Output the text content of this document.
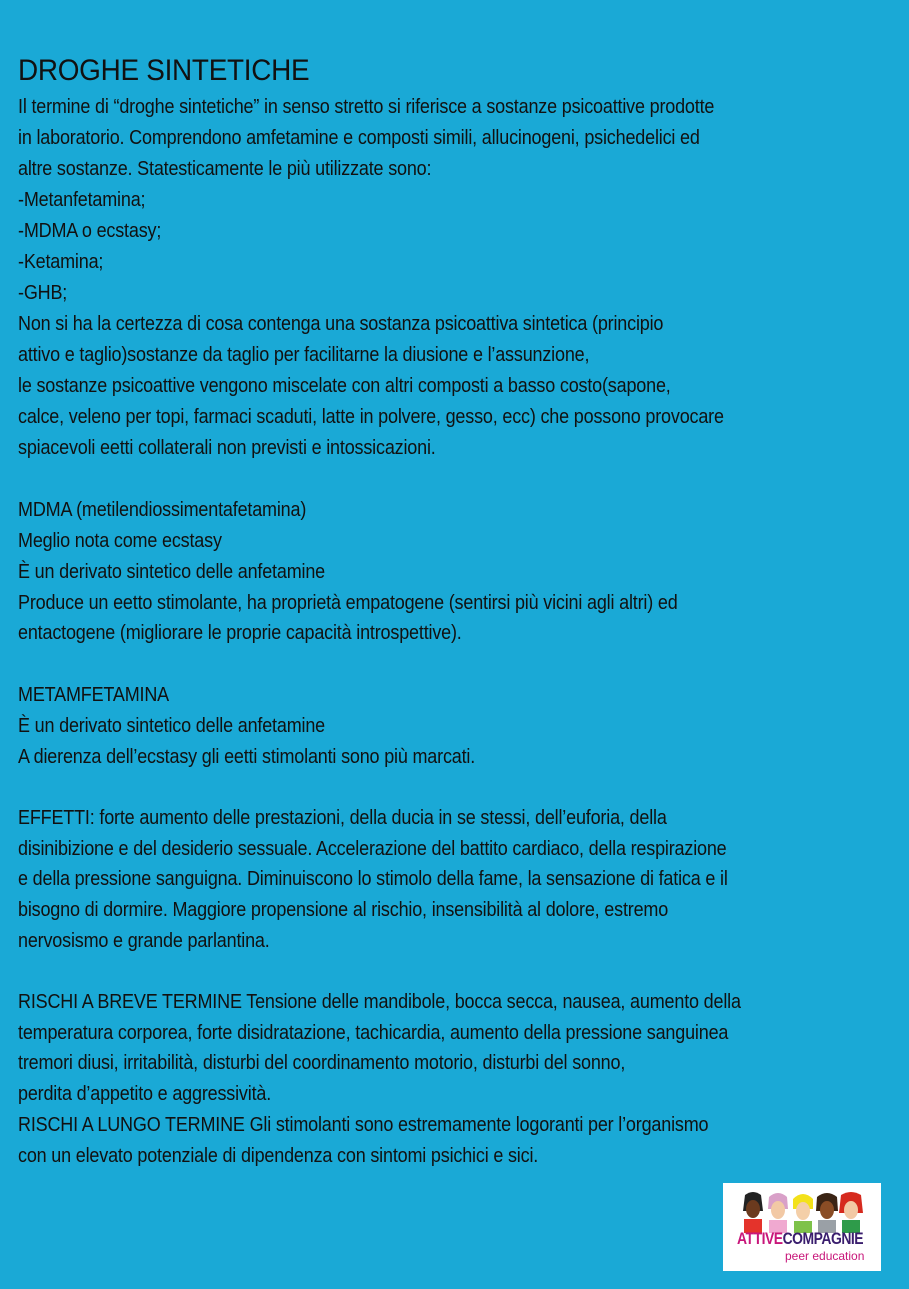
DROGHE SINTETICHE
Il termine di “droghe sintetiche” in senso stretto si riferisce a sostanze psicoattive prodotte
in laboratorio. Comprendono amfetamine e composti simili, allucinogeni, psichedelici ed
altre sostanze. Statesticamente le più utilizzate sono:
-Metanfetamina;
-MDMA o ecstasy;
-Ketamina;
-GHB;
Non si ha la certezza di cosa contenga una sostanza psicoattiva sintetica (principio
attivo e taglio)sostanze da taglio per facilitarne la diusione e l’assunzione,
le sostanze psicoattive vengono miscelate con altri composti a basso costo(sapone,
calce, veleno per topi, farmaci scaduti, latte in polvere, gesso, ecc) che possono provocare
spiacevoli eetti collaterali non previsti e intossicazioni.
MDMA (metilendiossimentafetamina)
Meglio nota come ecstasy
È un derivato sintetico delle anfetamine
Produce un eetto stimolante, ha proprietà empatogene (sentirsi più vicini agli altri) ed
entactogene (migliorare le proprie capacità introspettive).
METAMFETAMINA
È un derivato sintetico delle anfetamine
A dierenza dell’ecstasy gli eetti stimolanti sono più marcati.
EFFETTI: forte aumento delle prestazioni, della ducia in se stessi, dell’euforia, della
disinibizione e del desiderio sessuale. Accelerazione del battito cardiaco, della respirazione
e della pressione sanguigna. Diminuiscono lo stimolo della fame, la sensazione di fatica e il
bisogno di dormire. Maggiore propensione al rischio, insensibilità al dolore, estremo
nervosismo e grande parlantina.
RISCHI A BREVE TERMINE Tensione delle mandibole, bocca secca, nausea, aumento della
temperatura corporea, forte disidratazione, tachicardia, aumento della pressione sanguinea
tremori diusi, irritabilità, disturbi del coordinamento motorio, disturbi del sonno,
perdita d’appetito e aggressività.
RISCHI A LUNGO TERMINE Gli stimolanti sono estremamente logoranti per l’organismo
con un elevato potenziale di dipendenza con sintomi psichici e sici.
ATTIVECOMPAGNIE
peer education
